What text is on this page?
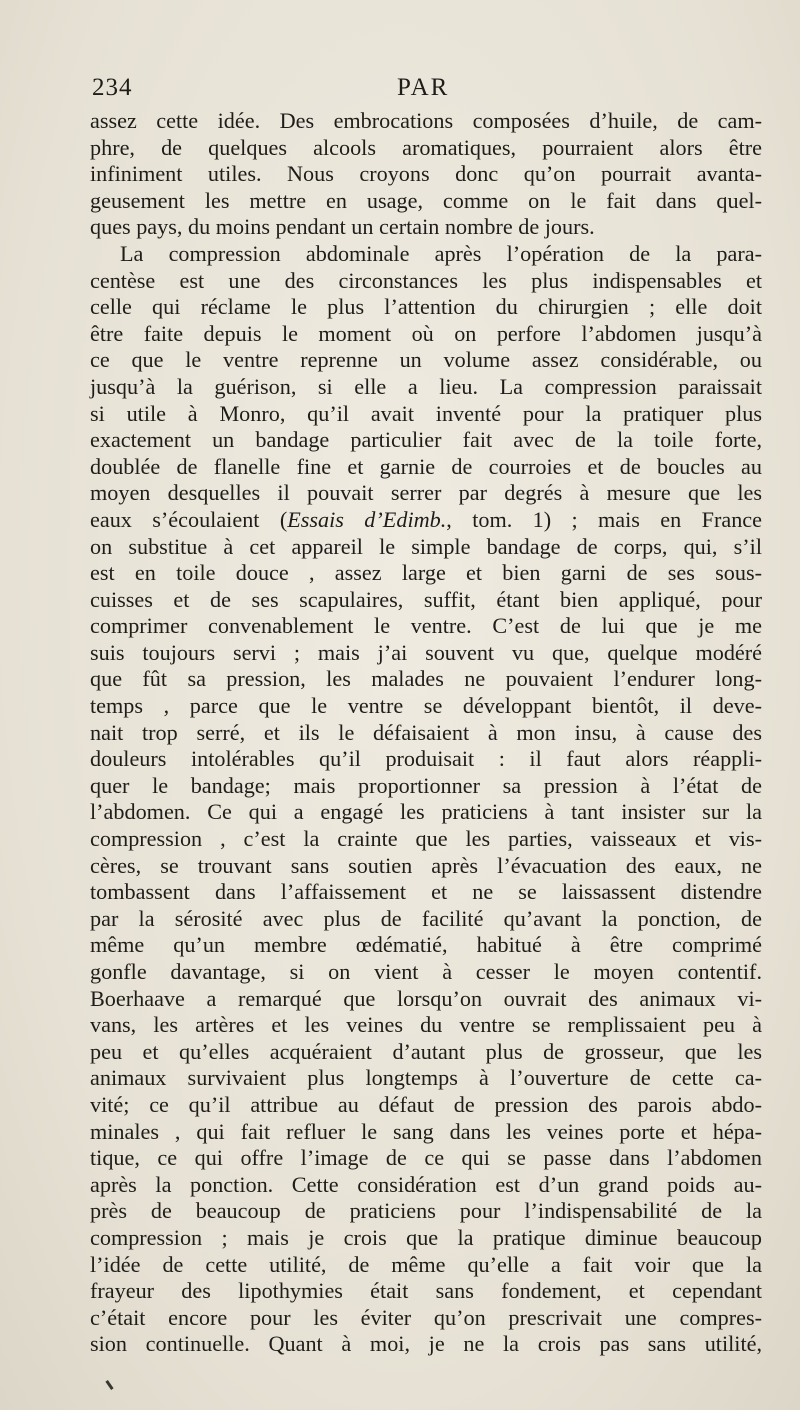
234	PAR
assez cette idée. Des embrocations composées d’huile, de cam-
phre, de quelques alcools aromatiques, pourraient alors être
infiniment utiles. Nous croyons donc qu’on pourrait avanta-
geusement les mettre en usage, comme on le fait dans quel-
ques pays, du moins pendant un certain nombre de jours.
La compression abdominale après l’opération de la para-
centèse est une des circonstances les plus indispensables et
celle qui réclame le plus l’attention du chirurgien ; elle doit
être faite depuis le moment où on perfore l’abdomen jusqu’à
ce que le ventre reprenne un volume assez considérable, ou
jusqu’à la guérison, si elle a lieu. La compression paraissait
si utile à Monro, qu’il avait inventé pour la pratiquer plus
exactement un bandage particulier fait avec de la toile forte,
doublée de flanelle fine et garnie de courroies et de boucles au
moyen desquelles il pouvait serrer par degrés à mesure que les
eaux s’écoulaient (Essais d’Edimb., tom. 1) ; mais en France
on substitue à cet appareil le simple bandage de corps, qui, s’il
est en toile douce , assez large et bien garni de ses sous-
cuisses et de ses scapulaires, suffit, étant bien appliqué, pour
comprimer convenablement le ventre. C’est de lui que je me
suis toujours servi ; mais j’ai souvent vu que, quelque modéré
que fût sa pression, les malades ne pouvaient l’endurer long-
temps , parce que le ventre se développant bientôt, il deve-
nait trop serré, et ils le défaisaient à mon insu, à cause des
douleurs intolérables qu’il produisait : il faut alors réappli-
quer le bandage; mais proportionner sa pression à l’état de
l’abdomen. Ce qui a engagé les praticiens à tant insister sur la
compression , c’est la crainte que les parties, vaisseaux et vis-
cères, se trouvant sans soutien après l’évacuation des eaux, ne
tombassent dans l’affaissement et ne se laissassent distendre
par la sérosité avec plus de facilité qu’avant la ponction, de
même qu’un membre œdématié, habitué à être comprimé
gonfle davantage, si on vient à cesser le moyen contentif.
Boerhaave a remarqué que lorsqu’on ouvrait des animaux vi-
vans, les artères et les veines du ventre se remplissaient peu à
peu et qu’elles acquéraient d’autant plus de grosseur, que les
animaux survivaient plus longtemps à l’ouverture de cette ca-
vité; ce qu’il attribue au défaut de pression des parois abdo-
minales , qui fait refluer le sang dans les veines porte et hépa-
tique, ce qui offre l’image de ce qui se passe dans l’abdomen
après la ponction. Cette considération est d’un grand poids au-
près de beaucoup de praticiens pour l’indispensabilité de la
compression ; mais je crois que la pratique diminue beaucoup
l’idée de cette utilité, de même qu’elle a fait voir que la
frayeur des lipothymies était sans fondement, et cependant
c’était encore pour les éviter qu’on prescrivait une compres-
sion continuelle. Quant à moi, je ne la crois pas sans utilité,
